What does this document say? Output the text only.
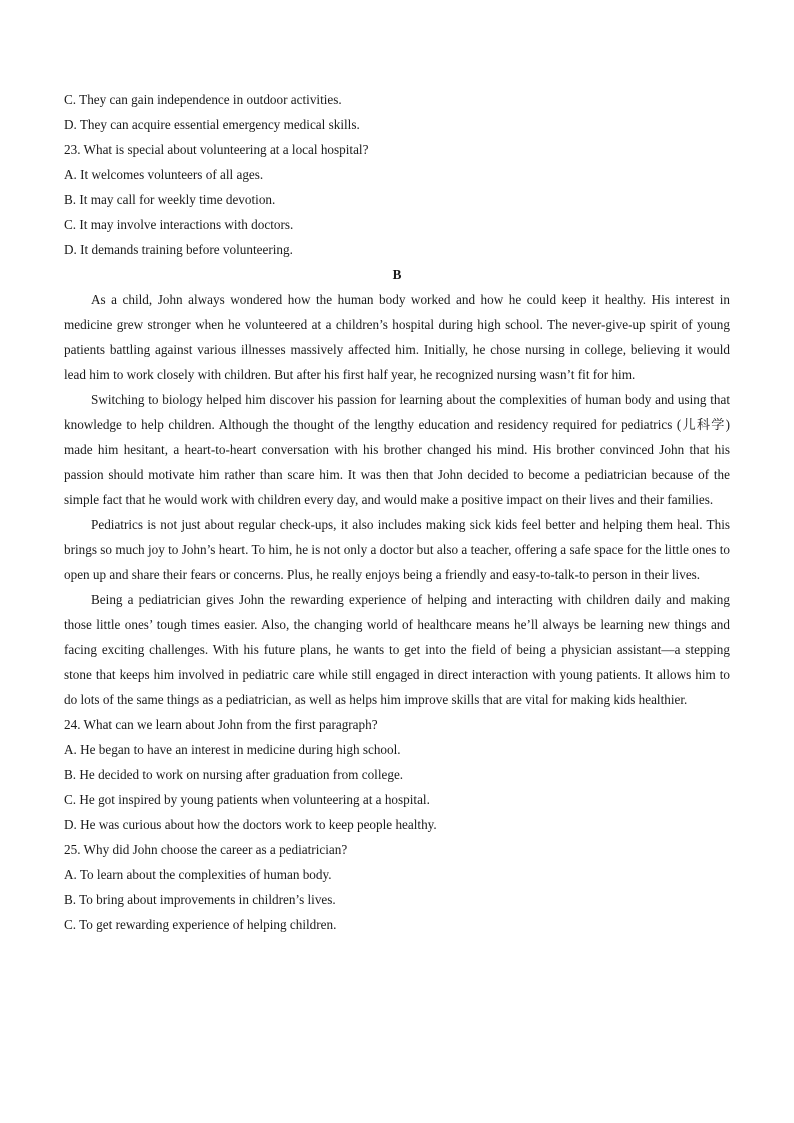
C. They can gain independence in outdoor activities.
D. They can acquire essential emergency medical skills.
23. What is special about volunteering at a local hospital?
A. It welcomes volunteers of all ages.
B. It may call for weekly time devotion.
C. It may involve interactions with doctors.
D. It demands training before volunteering.
B

As a child, John always wondered how the human body worked and how he could keep it healthy. His interest in medicine grew stronger when he volunteered at a children’s hospital during high school. The never-give-up spirit of young patients battling against various illnesses massively affected him. Initially, he chose nursing in college, believing it would lead him to work closely with children. But after his first half year, he recognized nursing wasn’t fit for him.

Switching to biology helped him discover his passion for learning about the complexities of human body and using that knowledge to help children. Although the thought of the lengthy education and residency required for pediatrics (儿科学) made him hesitant, a heart-to-heart conversation with his brother changed his mind. His brother convinced John that his passion should motivate him rather than scare him. It was then that John decided to become a pediatrician because of the simple fact that he would work with children every day, and would make a positive impact on their lives and their families.

Pediatrics is not just about regular check-ups, it also includes making sick kids feel better and helping them heal. This brings so much joy to John’s heart. To him, he is not only a doctor but also a teacher, offering a safe space for the little ones to open up and share their fears or concerns. Plus, he really enjoys being a friendly and easy-to-talk-to person in their lives.

Being a pediatrician gives John the rewarding experience of helping and interacting with children daily and making those little ones’ tough times easier. Also, the changing world of healthcare means he’ll always be learning new things and facing exciting challenges. With his future plans, he wants to get into the field of being a physician assistant—a stepping stone that keeps him involved in pediatric care while still engaged in direct interaction with young patients. It allows him to do lots of the same things as a pediatrician, as well as helps him improve skills that are vital for making kids healthier.

24. What can we learn about John from the first paragraph?
A. He began to have an interest in medicine during high school.
B. He decided to work on nursing after graduation from college.
C. He got inspired by young patients when volunteering at a hospital.
D. He was curious about how the doctors work to keep people healthy.
25. Why did John choose the career as a pediatrician?
A. To learn about the complexities of human body.
B. To bring about improvements in children’s lives.
C. To get rewarding experience of helping children.
